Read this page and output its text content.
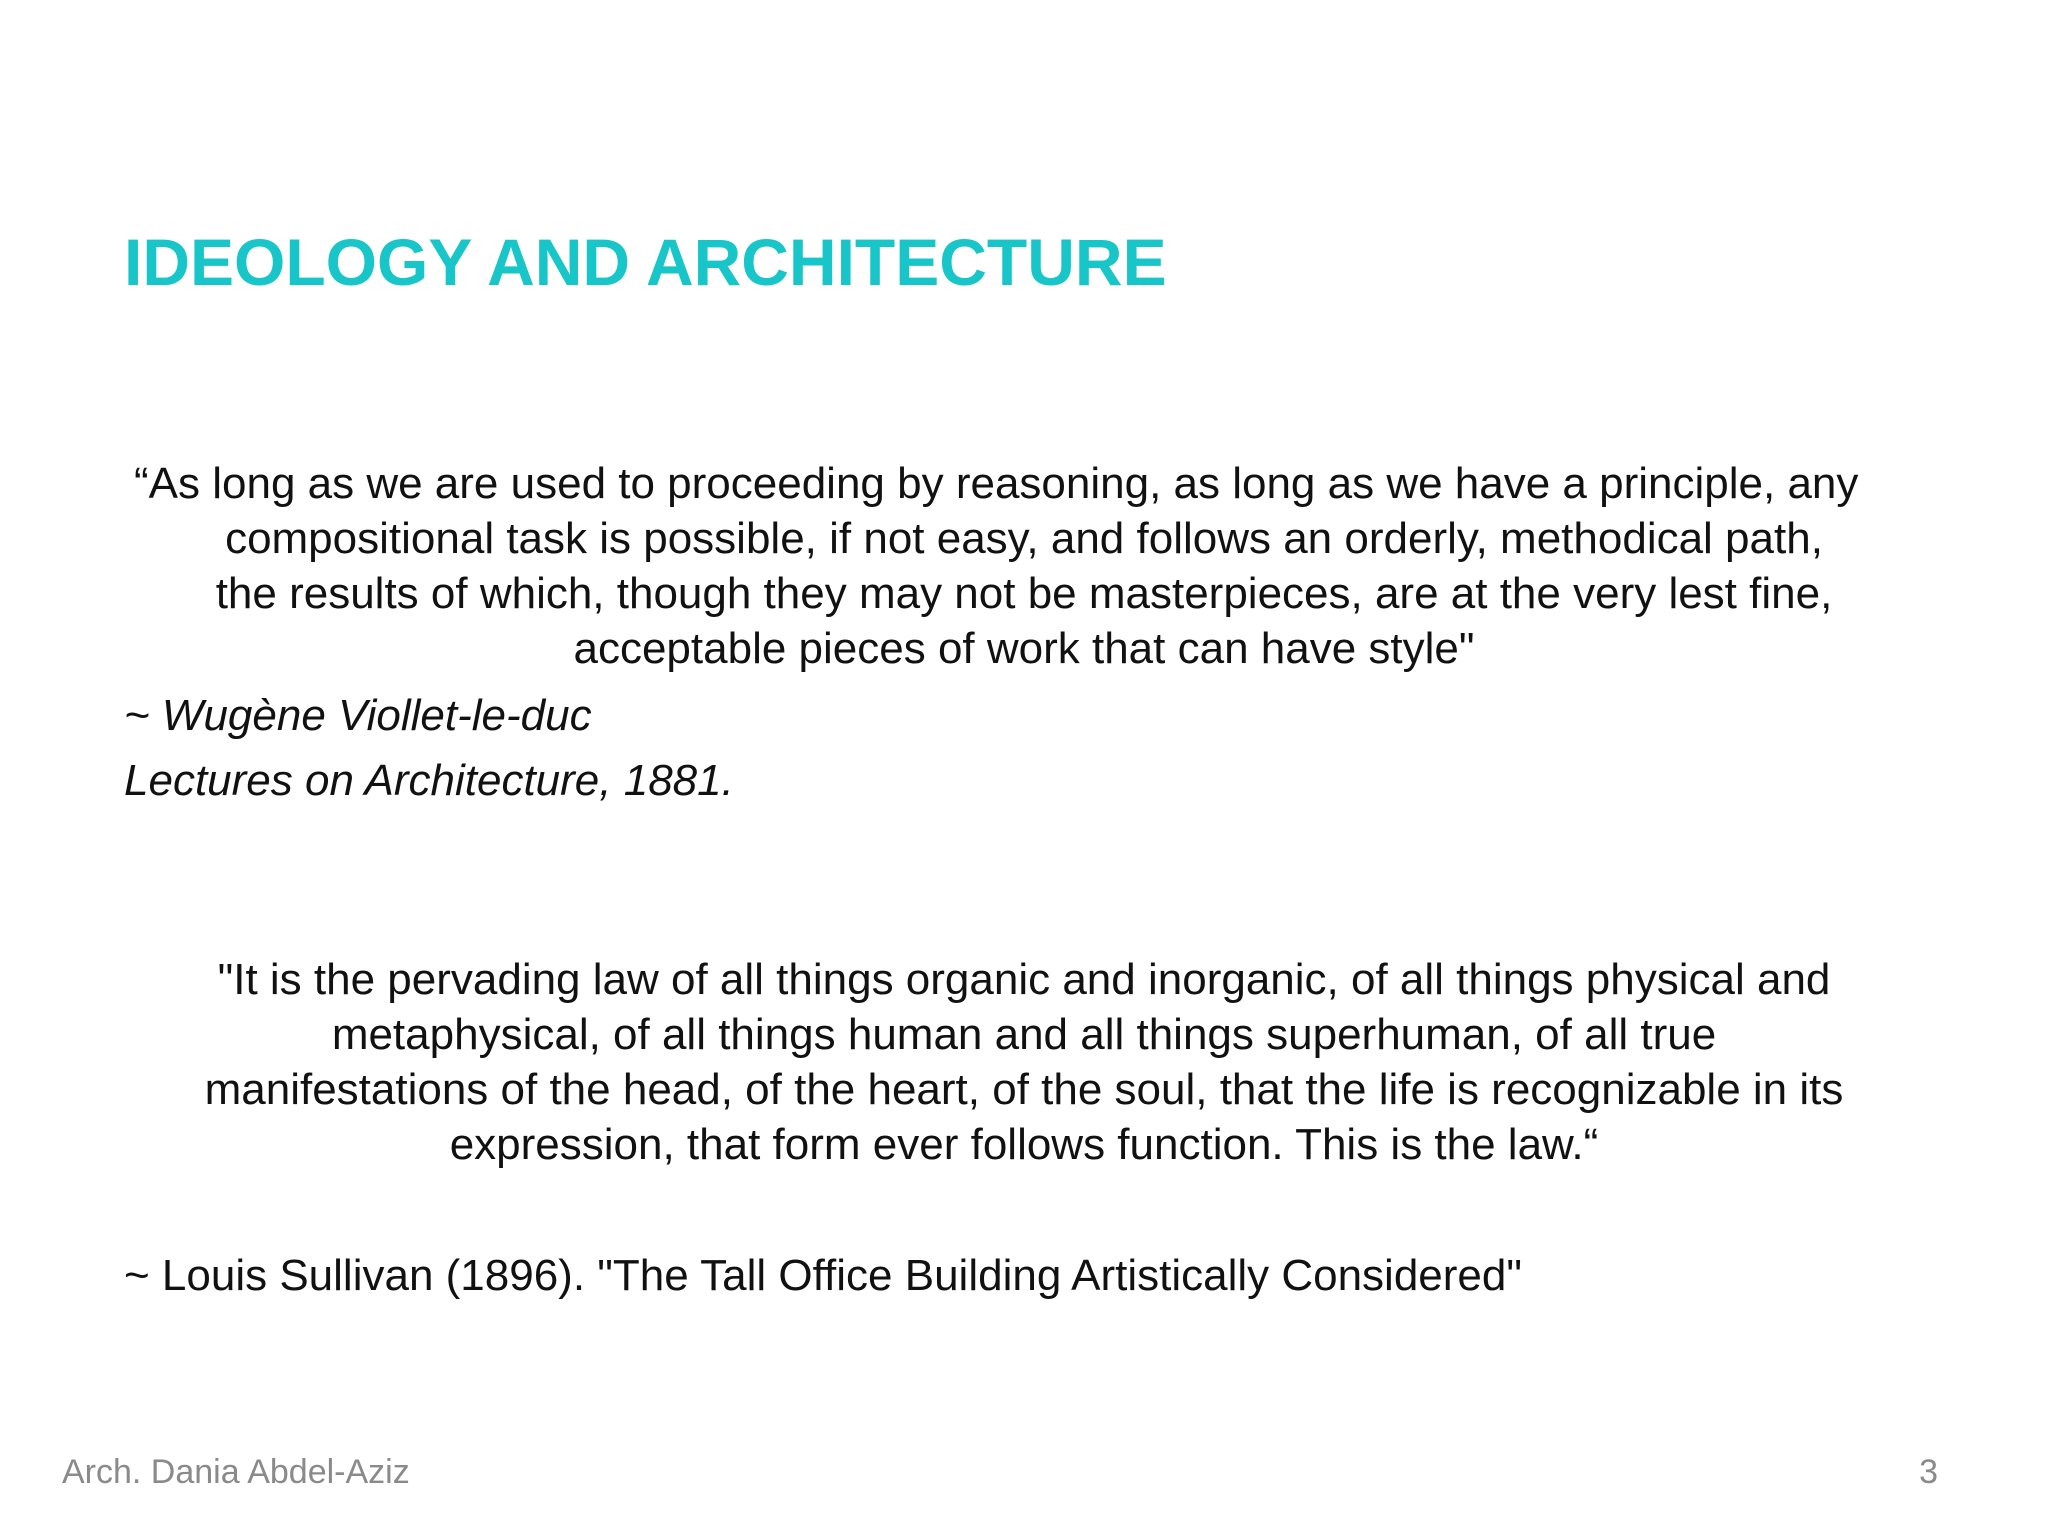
IDEOLOGY AND ARCHITECTURE
“As long as we are used to proceeding by reasoning, as long as we have a principle, any
compositional task is possible, if not easy, and follows an orderly, methodical path,
the results of which, though they may not be masterpieces, are at the very lest fine,
acceptable pieces of work that can have style"
~ Wugène Viollet-le-duc
Lectures on Architecture, 1881.
"It is the pervading law of all things organic and inorganic, of all things physical and
metaphysical, of all things human and all things superhuman, of all true
manifestations of the head, of the heart, of the soul, that the life is recognizable in its
expression, that form ever follows function. This is the law.“
~ Louis Sullivan (1896). "The Tall Office Building Artistically Considered"
Arch. Dania Abdel-Aziz	3
